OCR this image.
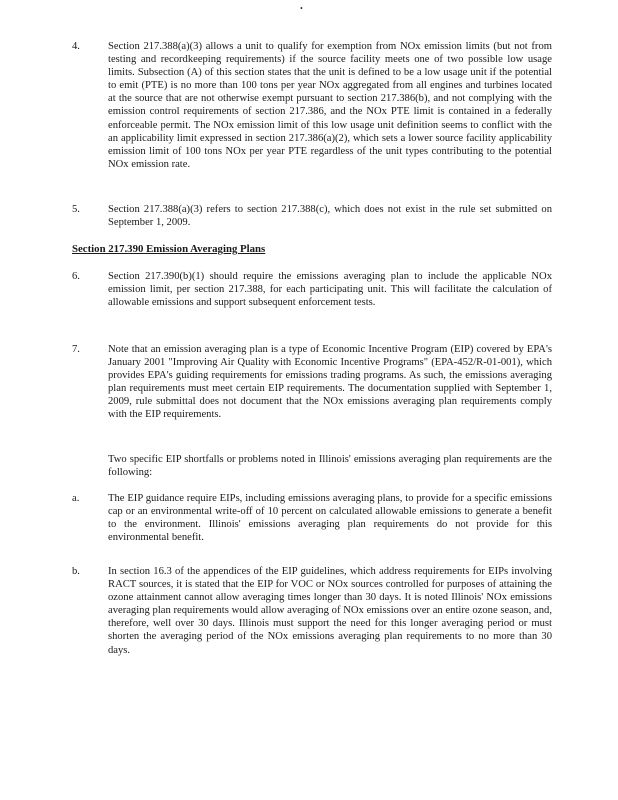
•
4.	Section 217.388(a)(3) allows a unit to qualify for exemption from NOx emission limits (but not from testing and recordkeeping requirements) if the source facility meets one of two possible low usage limits. Subsection (A) of this section states that the unit is defined to be a low usage unit if the potential to emit (PTE) is no more than 100 tons per year NOx aggregated from all engines and turbines located at the source that are not otherwise exempt pursuant to section 217.386(b), and not complying with the emission control requirements of section 217.386, and the NOx PTE limit is contained in a federally enforceable permit. The NOx emission limit of this low usage unit definition seems to conflict with the an applicability limit expressed in section 217.386(a)(2), which sets a lower source facility applicability emission limit of 100 tons NOx per year PTE regardless of the unit types contributing to the potential NOx emission rate.
5.	Section 217.388(a)(3) refers to section 217.388(c), which does not exist in the rule set submitted on September 1, 2009.
Section 217.390 Emission Averaging Plans
6.	Section 217.390(b)(1) should require the emissions averaging plan to include the applicable NOx emission limit, per section 217.388, for each participating unit. This will facilitate the calculation of allowable emissions and support subsequent enforcement tests.
7.	Note that an emission averaging plan is a type of Economic Incentive Program (EIP) covered by EPA's January 2001 "Improving Air Quality with Economic Incentive Programs" (EPA-452/R-01-001), which provides EPA's guiding requirements for emissions trading programs. As such, the emissions averaging plan requirements must meet certain EIP requirements. The documentation supplied with September 1, 2009, rule submittal does not document that the NOx emissions averaging plan requirements comply with the EIP requirements.
Two specific EIP shortfalls or problems noted in Illinois' emissions averaging plan requirements are the following:
a.	The EIP guidance require EIPs, including emissions averaging plans, to provide for a specific emissions cap or an environmental write-off of 10 percent on calculated allowable emissions to generate a benefit to the environment. Illinois' emissions averaging plan requirements do not provide for this environmental benefit.
b.	In section 16.3 of the appendices of the EIP guidelines, which address requirements for EIPs involving RACT sources, it is stated that the EIP for VOC or NOx sources controlled for purposes of attaining the ozone attainment cannot allow averaging times longer than 30 days. It is noted Illinois' NOx emissions averaging plan requirements would allow averaging of NOx emissions over an entire ozone season, and, therefore, well over 30 days. Illinois must support the need for this longer averaging period or must shorten the averaging period of the NOx emissions averaging plan requirements to no more than 30 days.
